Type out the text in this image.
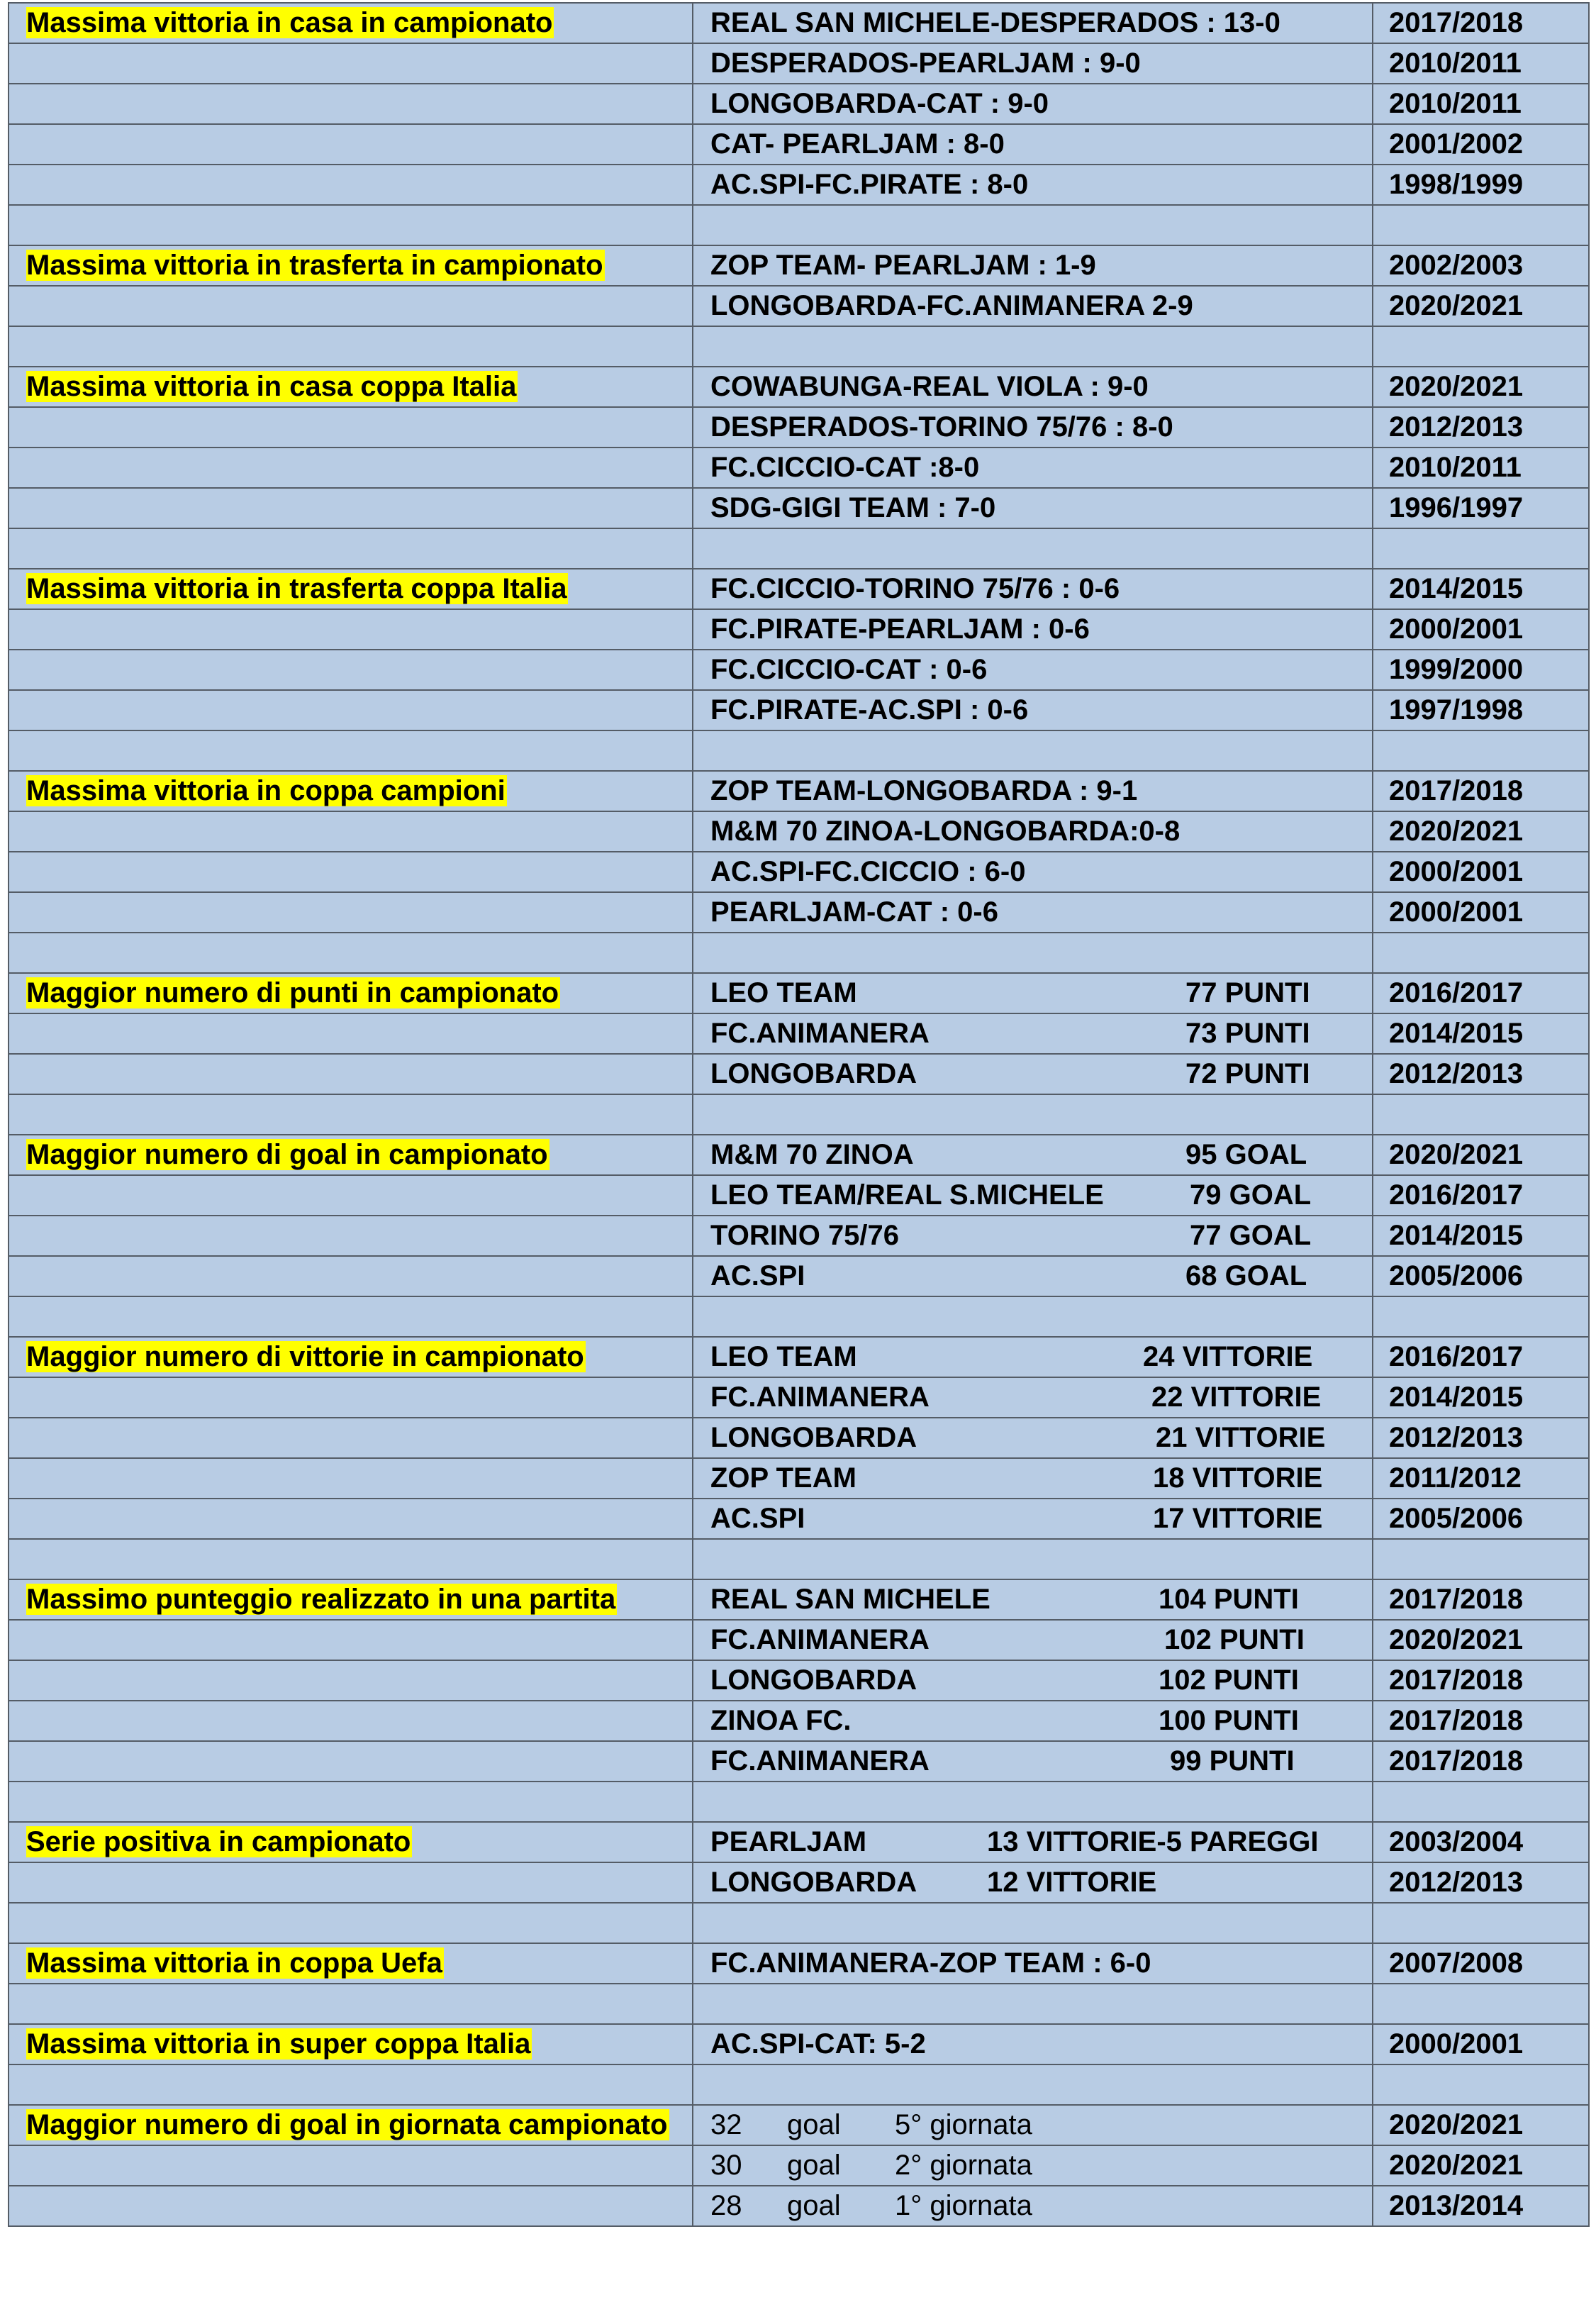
Massima vittoria in casa in campionato	REAL SAN MICHELE-DESPERADOS : 13-0	2017/2018
	DESPERADOS-PEARLJAM : 9-0	2010/2011
	LONGOBARDA-CAT : 9-0	2010/2011
	CAT- PEARLJAM : 8-0	2001/2002
	AC.SPI-FC.PIRATE : 8-0	1998/1999

Massima vittoria in trasferta in campionato	ZOP TEAM- PEARLJAM : 1-9	2002/2003
	LONGOBARDA-FC.ANIMANERA 2-9	2020/2021

Massima vittoria in casa coppa Italia	COWABUNGA-REAL VIOLA : 9-0	2020/2021
	DESPERADOS-TORINO 75/76 : 8-0	2012/2013
	FC.CICCIO-CAT :8-0	2010/2011
	SDG-GIGI TEAM : 7-0	1996/1997

Massima vittoria in trasferta coppa Italia	FC.CICCIO-TORINO 75/76 : 0-6	2014/2015
	FC.PIRATE-PEARLJAM : 0-6	2000/2001
	FC.CICCIO-CAT : 0-6	1999/2000
	FC.PIRATE-AC.SPI : 0-6	1997/1998

Massima vittoria in coppa campioni	ZOP TEAM-LONGOBARDA : 9-1	2017/2018
	M&M 70 ZINOA-LONGOBARDA:0-8	2020/2021
	AC.SPI-FC.CICCIO : 6-0	2000/2001
	PEARLJAM-CAT : 0-6	2000/2001

Maggior numero di punti in campionato	LEO TEAM 77 PUNTI	2016/2017

	FC.ANIMANERA 73 PUNTI	2014/2015

	LONGOBARDA 72 PUNTI	2012/2013

Maggior numero di goal in campionato	M&M 70 ZINOA 95 GOAL	2020/2021

	LEO TEAM/REAL S.MICHELE 79 GOAL	2016/2017

	TORINO 75/76 77 GOAL	2014/2015

	AC.SPI 68 GOAL	2005/2006

Maggior numero di vittorie in campionato	LEO TEAM 24 VITTORIE	2016/2017

	FC.ANIMANERA 22 VITTORIE	2014/2015

	LONGOBARDA 21 VITTORIE	2012/2013

	ZOP TEAM 18 VITTORIE	2011/2012

	AC.SPI 17 VITTORIE	2005/2006

Massimo punteggio realizzato in una partita	REAL SAN MICHELE 104 PUNTI	2017/2018

	FC.ANIMANERA 102 PUNTI	2020/2021

	LONGOBARDA 102 PUNTI	2017/2018

	ZINOA FC. 100 PUNTI	2017/2018

	FC.ANIMANERA 99 PUNTI	2017/2018

Serie positiva in campionato	PEARLJAM 13 VITTORIE-5 PAREGGI	2003/2004

	LONGOBARDA 12 VITTORIE	2012/2013

Massima vittoria in coppa Uefa	FC.ANIMANERA-ZOP TEAM : 6-0	2007/2008

Massima vittoria in super coppa Italia	AC.SPI-CAT: 5-2	2000/2001

Maggior numero di goal in giornata campionato	32 goal 5° giornata	2020/2021

	30 goal 2° giornata	2020/2021

	28 goal 1° giornata	2013/2014
